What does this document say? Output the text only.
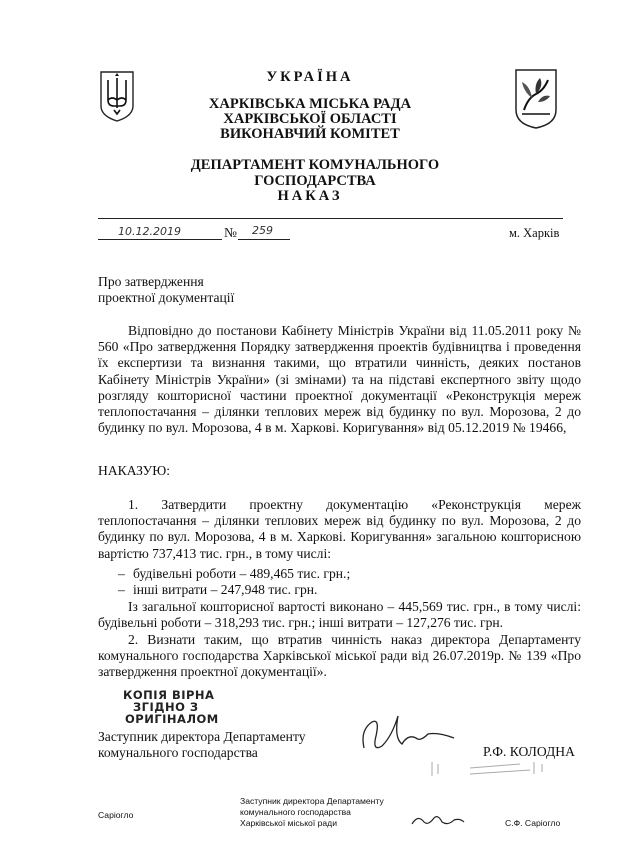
УКРАЇНА
ХАРКІВСЬКА МІСЬКА РАДА
ХАРКІВСЬКОЇ ОБЛАСТІ
ВИКОНАВЧИЙ КОМІТЕТ
ДЕПАРТАМЕНТ КОМУНАЛЬНОГО ГОСПОДАРСТВА
НАКАЗ
10.12.2019	№ 259	м. Харків
Про затвердження
проектної документації
Відповідно до постанови Кабінету Міністрів України від 11.05.2011 року № 560 «Про затвердження Порядку затвердження проектів будівництва і проведення їх експертизи та визнання такими, що втратили чинність, деяких постанов Кабінету Міністрів України» (зі змінами) та на підставі експертного звіту щодо розгляду кошторисної частини проектної документації «Реконструкція мереж теплопостачання – ділянки теплових мереж від будинку по вул. Морозова, 2 до будинку по вул. Морозова, 4 в м. Харкові. Коригування» від 05.12.2019 № 19466,
НАКАЗУЮ:
1. Затвердити проектну документацію «Реконструкція мереж теплопостачання – ділянки теплових мереж від будинку по вул. Морозова, 2 до будинку по вул. Морозова, 4 в м. Харкові. Коригування» загальною кошторисною вартістю 737,413 тис. грн., в тому числі:
– будівельні роботи – 489,465 тис. грн.;
– інші витрати – 247,948 тис. грн.
Із загальної кошторисної вартості виконано – 445,569 тис. грн., в тому числі: будівельні роботи – 318,293 тис. грн.; інші витрати – 127,276 тис. грн.
2. Визнати таким, що втратив чинність наказ директора Департаменту комунального господарства Харківської міської ради від 26.07.2019р. № 139 «Про затвердження проектної документації».
КОПІЯ ВІРНА
ЗГІДНО З
ОРИГІНАЛОМ
Заступник директора Департаменту
комунального господарства	Р.Ф. КОЛОДНА
Саріогло
Заступник директора Департаменту
комунального господарства
Харківської міської ради	С.Ф. Саріогло
